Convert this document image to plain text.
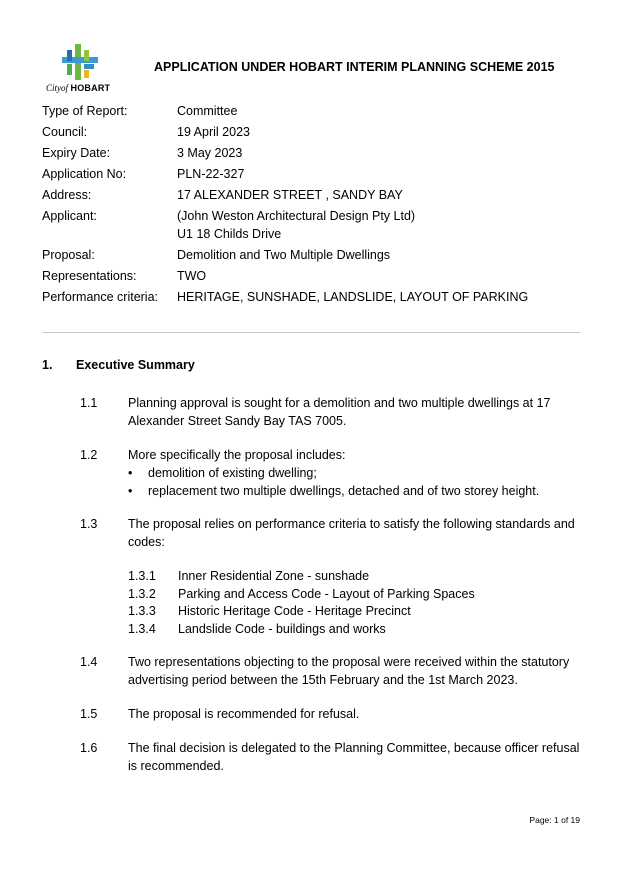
Cityof HOBART
APPLICATION UNDER HOBART INTERIM PLANNING SCHEME 2015
Type of Report:	Committee
Council:	19 April 2023
Expiry Date:	3 May 2023
Application No:	PLN-22-327
Address:	17 ALEXANDER STREET , SANDY BAY
Applicant:	(John Weston Architectural Design Pty Ltd)
U1 18 Childs Drive
Proposal:	Demolition and Two Multiple Dwellings
Representations:	TWO
Performance criteria: HERITAGE, SUNSHADE, LANDSLIDE, LAYOUT OF PARKING
1. Executive Summary
1.1 Planning approval is sought for a demolition and two multiple dwellings at 17 Alexander Street Sandy Bay TAS 7005.
1.2 More specifically the proposal includes:
• demolition of existing dwelling;
• replacement two multiple dwellings, detached and of two storey height.
1.3 The proposal relies on performance criteria to satisfy the following standards and codes:
1.3.1 Inner Residential Zone - sunshade
1.3.2 Parking and Access Code - Layout of Parking Spaces
1.3.3 Historic Heritage Code - Heritage Precinct
1.3.4 Landslide Code - buildings and works
1.4 Two representations objecting to the proposal were received within the statutory advertising period between the 15th February and the 1st March 2023.
1.5 The proposal is recommended for refusal.
1.6 The final decision is delegated to the Planning Committee, because officer refusal is recommended.
Page: 1 of 19
